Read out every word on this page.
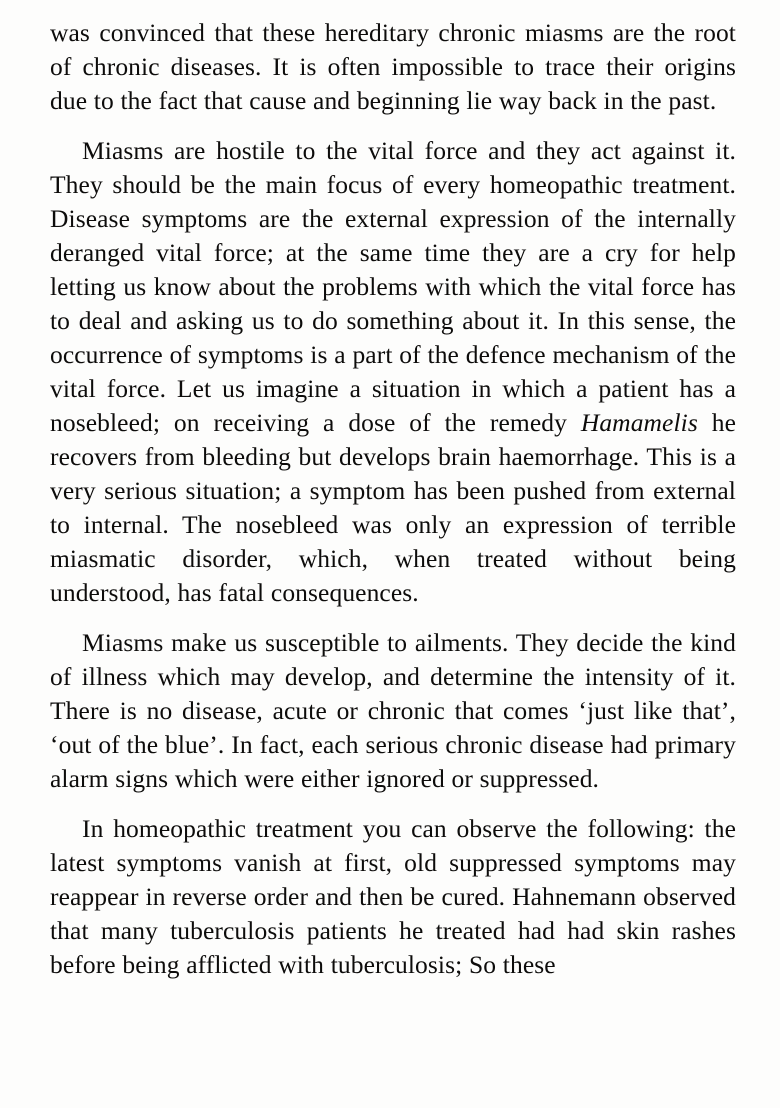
was convinced that these hereditary chronic miasms are the root of chronic diseases. It is often impossible to trace their origins due to the fact that cause and beginning lie way back in the past.

Miasms are hostile to the vital force and they act against it. They should be the main focus of every homeopathic treatment. Disease symptoms are the external expression of the internally deranged vital force; at the same time they are a cry for help letting us know about the problems with which the vital force has to deal and asking us to do something about it. In this sense, the occurrence of symptoms is a part of the defence mechanism of the vital force. Let us imagine a situation in which a patient has a nosebleed; on receiving a dose of the remedy Hamamelis he recovers from bleeding but develops brain haemorrhage. This is a very serious situation; a symptom has been pushed from external to internal. The nosebleed was only an expression of terrible miasmatic disorder, which, when treated without being understood, has fatal consequences.

Miasms make us susceptible to ailments. They decide the kind of illness which may develop, and determine the intensity of it. There is no disease, acute or chronic that comes ‘just like that’, ‘out of the blue’. In fact, each serious chronic disease had primary alarm signs which were either ignored or suppressed.

In homeopathic treatment you can observe the following: the latest symptoms vanish at first, old suppressed symptoms may reappear in reverse order and then be cured. Hahnemann observed that many tuberculosis patients he treated had had skin rashes before being afflicted with tuberculosis; So these
